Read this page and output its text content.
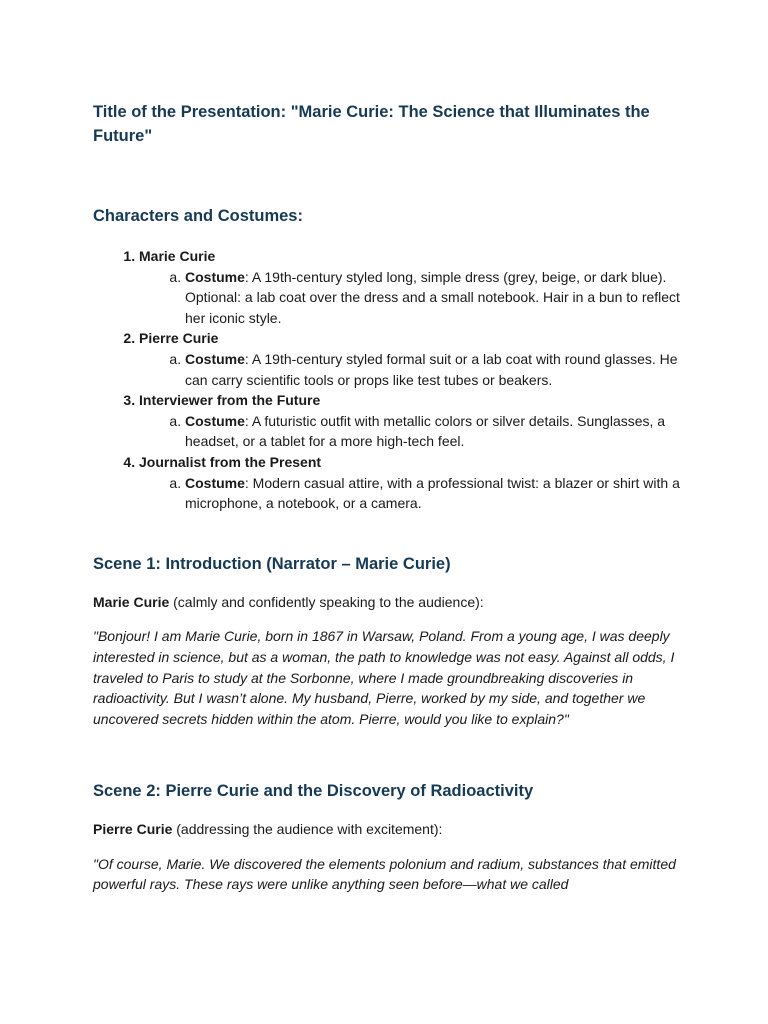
Title of the Presentation: "Marie Curie: The Science that Illuminates the Future"
Characters and Costumes:
1. Marie Curie
a. Costume: A 19th-century styled long, simple dress (grey, beige, or dark blue). Optional: a lab coat over the dress and a small notebook. Hair in a bun to reflect her iconic style.
2. Pierre Curie
a. Costume: A 19th-century styled formal suit or a lab coat with round glasses. He can carry scientific tools or props like test tubes or beakers.
3. Interviewer from the Future
a. Costume: A futuristic outfit with metallic colors or silver details. Sunglasses, a headset, or a tablet for a more high-tech feel.
4. Journalist from the Present
a. Costume: Modern casual attire, with a professional twist: a blazer or shirt with a microphone, a notebook, or a camera.
Scene 1: Introduction (Narrator – Marie Curie)

Marie Curie (calmly and confidently speaking to the audience):

"Bonjour! I am Marie Curie, born in 1867 in Warsaw, Poland. From a young age, I was deeply interested in science, but as a woman, the path to knowledge was not easy. Against all odds, I traveled to Paris to study at the Sorbonne, where I made groundbreaking discoveries in radioactivity. But I wasn’t alone. My husband, Pierre, worked by my side, and together we uncovered secrets hidden within the atom. Pierre, would you like to explain?"

Scene 2: Pierre Curie and the Discovery of Radioactivity

Pierre Curie (addressing the audience with excitement):

"Of course, Marie. We discovered the elements polonium and radium, substances that emitted powerful rays. These rays were unlike anything seen before—what we called
